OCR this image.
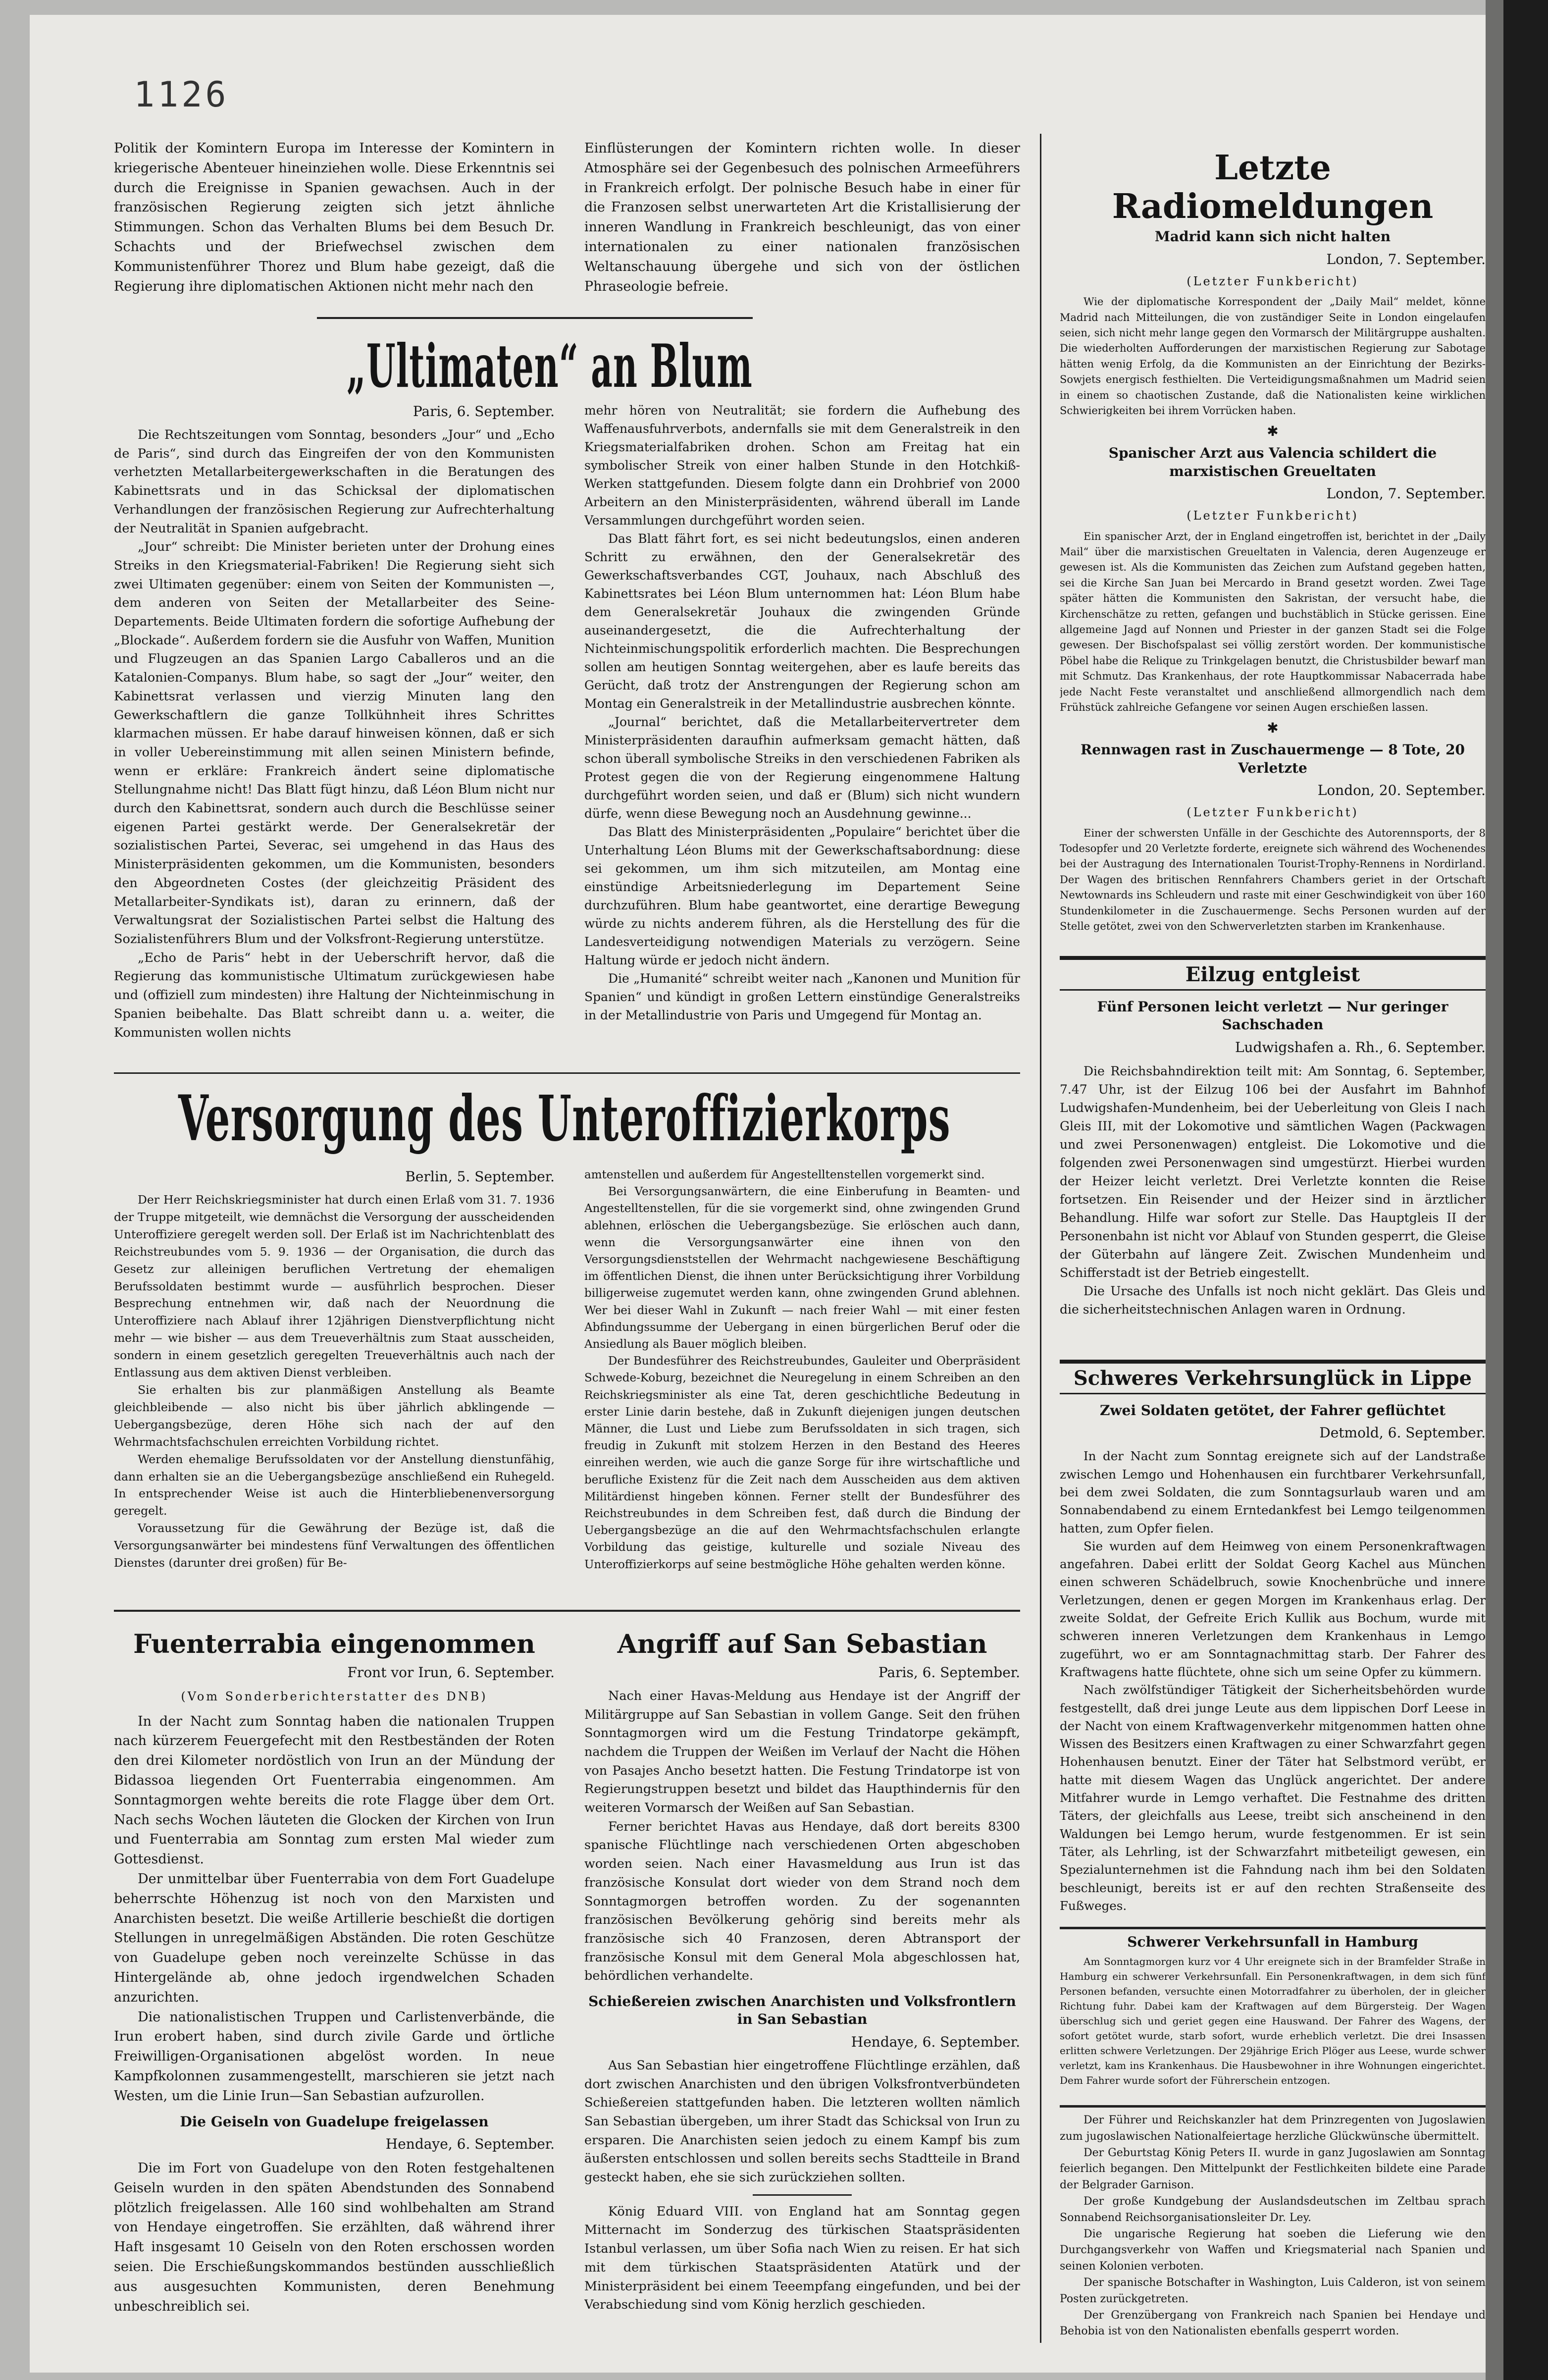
1126

Politik der Komintern Europa im Interesse der Komintern in kriegerische Abenteuer hineinziehen wolle. Diese Erkenntnis sei durch die Ereignisse in Spanien gewachsen. Auch in der französischen Regierung zeigten sich jetzt ähnliche Stimmungen. Schon das Verhalten Blums bei dem Besuch Dr. Schachts und der Briefwechsel zwischen dem Kommunistenführer Thorez und Blum habe gezeigt, daß die Regierung ihre diplomatischen Aktionen nicht mehr nach den

Einflüsterungen der Komintern richten wolle. In dieser Atmosphäre sei der Gegenbesuch des polnischen Armeeführers in Frankreich erfolgt. Der polnische Besuch habe in einer für die Franzosen selbst unerwarteten Art die Kristallisierung der inneren Wandlung in Frankreich beschleunigt, das von einer internationalen zu einer nationalen französischen Weltanschauung übergehe und sich von der östlichen Phraseologie befreie.

„Ultimaten“ an Blum
Paris, 6. September.

Die Rechtszeitungen vom Sonntag, besonders „Jour“ und „Echo de Paris“, sind durch das Eingreifen der von den Kommunisten verhetzten Metallarbeitergewerkschaften in die Beratungen des Kabinettsrats und in das Schicksal der diplomatischen Verhandlungen der französischen Regierung zur Aufrechterhaltung der Neutralität in Spanien aufgebracht.

„Jour“ schreibt: Die Minister berieten unter der Drohung eines Streiks in den Kriegsmaterial-Fabriken! Die Regierung sieht sich zwei Ultimaten gegenüber: einem von Seiten der Kommunisten —, dem anderen von Seiten der Metallarbeiter des Seine-Departements. Beide Ultimaten fordern die sofortige Aufhebung der „Blockade“. Außerdem fordern sie die Ausfuhr von Waffen, Munition und Flugzeugen an das Spanien Largo Caballeros und an die Katalonien-Companys. Blum habe, so sagt der „Jour“ weiter, den Kabinettsrat verlassen und vierzig Minuten lang den Gewerkschaftlern die ganze Tollkühnheit ihres Schrittes klarmachen müssen. Er habe darauf hinweisen können, daß er sich in voller Uebereinstimmung mit allen seinen Ministern befinde, wenn er erkläre: Frankreich ändert seine diplomatische Stellungnahme nicht! Das Blatt fügt hinzu, daß Léon Blum nicht nur durch den Kabinettsrat, sondern auch durch die Beschlüsse seiner eigenen Partei gestärkt werde. Der Generalsekretär der sozialistischen Partei, Severac, sei umgehend in das Haus des Ministerpräsidenten gekommen, um die Kommunisten, besonders den Abgeordneten Costes (der gleichzeitig Präsident des Metallarbeiter-Syndikats ist), daran zu erinnern, daß der Verwaltungsrat der Sozialistischen Partei selbst die Haltung des Sozialistenführers Blum und der Volksfront-Regierung unterstütze.

„Echo de Paris“ hebt in der Ueberschrift hervor, daß die Regierung das kommunistische Ultimatum zurückgewiesen habe und (offiziell zum mindesten) ihre Haltung der Nichteinmischung in Spanien beibehalte. Das Blatt schreibt dann u. a. weiter, die Kommunisten wollen nichts

mehr hören von Neutralität; sie fordern die Aufhebung des Waffenausfuhrverbots, andernfalls sie mit dem Generalstreik in den Kriegsmaterialfabriken drohen. Schon am Freitag hat ein symbolischer Streik von einer halben Stunde in den Hotchkiß-Werken stattgefunden. Diesem folgte dann ein Drohbrief von 2000 Arbeitern an den Ministerpräsidenten, während überall im Lande Versammlungen durchgeführt worden seien.

Das Blatt fährt fort, es sei nicht bedeutungslos, einen anderen Schritt zu erwähnen, den der Generalsekretär des Gewerkschaftsverbandes CGT, Jouhaux, nach Abschluß des Kabinettsrates bei Léon Blum unternommen hat: Léon Blum habe dem Generalsekretär Jouhaux die zwingenden Gründe auseinandergesetzt, die die Aufrechterhaltung der Nichteinmischungspolitik erforderlich machten. Die Besprechungen sollen am heutigen Sonntag weitergehen, aber es laufe bereits das Gerücht, daß trotz der Anstrengungen der Regierung schon am Montag ein Generalstreik in der Metallindustrie ausbrechen könnte.

„Journal“ berichtet, daß die Metallarbeitervertreter dem Ministerpräsidenten daraufhin aufmerksam gemacht hätten, daß schon überall symbolische Streiks in den verschiedenen Fabriken als Protest gegen die von der Regierung eingenommene Haltung durchgeführt worden seien, und daß er (Blum) sich nicht wundern dürfe, wenn diese Bewegung noch an Ausdehnung gewinne...

Das Blatt des Ministerpräsidenten „Populaire“ berichtet über die Unterhaltung Léon Blums mit der Gewerkschaftsabordnung: diese sei gekommen, um ihm sich mitzuteilen, am Montag eine einstündige Arbeitsniederlegung im Departement Seine durchzuführen. Blum habe geantwortet, eine derartige Bewegung würde zu nichts anderem führen, als die Herstellung des für die Landesverteidigung notwendigen Materials zu verzögern. Seine Haltung würde er jedoch nicht ändern.

Die „Humanité“ schreibt weiter nach „Kanonen und Munition für Spanien“ und kündigt in großen Lettern einstündige Generalstreiks in der Metallindustrie von Paris und Umgegend für Montag an.

Versorgung des Unteroffizierkorps
Berlin, 5. September.

Der Herr Reichskriegsminister hat durch einen Erlaß vom 31. 7. 1936 der Truppe mitgeteilt, wie demnächst die Versorgung der ausscheidenden Unteroffiziere geregelt werden soll. Der Erlaß ist im Nachrichtenblatt des Reichstreubundes vom 5. 9. 1936 — der Organisation, die durch das Gesetz zur alleinigen beruflichen Vertretung der ehemaligen Berufssoldaten bestimmt wurde — ausführlich besprochen. Dieser Besprechung entnehmen wir, daß nach der Neuordnung die Unteroffiziere nach Ablauf ihrer 12jährigen Dienstverpflichtung nicht mehr — wie bisher — aus dem Treueverhältnis zum Staat ausscheiden, sondern in einem gesetzlich geregelten Treueverhältnis auch nach der Entlassung aus dem aktiven Dienst verbleiben.

Sie erhalten bis zur planmäßigen Anstellung als Beamte gleichbleibende — also nicht bis über jährlich abklingende — Uebergangsbezüge, deren Höhe sich nach der auf den Wehrmachtsfachschulen erreichten Vorbildung richtet.

Werden ehemalige Berufssoldaten vor der Anstellung dienstunfähig, dann erhalten sie an die Uebergangsbezüge anschließend ein Ruhegeld. In entsprechender Weise ist auch die Hinterbliebenenversorgung geregelt.

Voraussetzung für die Gewährung der Bezüge ist, daß die Versorgungsanwärter bei mindestens fünf Verwaltungen des öffentlichen Dienstes (darunter drei großen) für Be-

amtenstellen und außerdem für Angestelltenstellen vorgemerkt sind.

Bei Versorgungsanwärtern, die eine Einberufung in Beamten- und Angestelltenstellen, für die sie vorgemerkt sind, ohne zwingenden Grund ablehnen, erlöschen die Uebergangsbezüge. Sie erlöschen auch dann, wenn die Versorgungsanwärter eine ihnen von den Versorgungsdienststellen der Wehrmacht nachgewiesene Beschäftigung im öffentlichen Dienst, die ihnen unter Berücksichtigung ihrer Vorbildung billigerweise zugemutet werden kann, ohne zwingenden Grund ablehnen. Wer bei dieser Wahl in Zukunft — nach freier Wahl — mit einer festen Abfindungssumme der Uebergang in einen bürgerlichen Beruf oder die Ansiedlung als Bauer möglich bleiben.

Der Bundesführer des Reichstreubundes, Gauleiter und Oberpräsident Schwede-Koburg, bezeichnet die Neuregelung in einem Schreiben an den Reichskriegsminister als eine Tat, deren geschichtliche Bedeutung in erster Linie darin bestehe, daß in Zukunft diejenigen jungen deutschen Männer, die Lust und Liebe zum Berufssoldaten in sich tragen, sich freudig in Zukunft mit stolzem Herzen in den Bestand des Heeres einreihen werden, wie auch die ganze Sorge für ihre wirtschaftliche und berufliche Existenz für die Zeit nach dem Ausscheiden aus dem aktiven Militärdienst hingeben können. Ferner stellt der Bundesführer des Reichstreubundes in dem Schreiben fest, daß durch die Bindung der Uebergangsbezüge an die auf den Wehrmachtsfachschulen erlangte Vorbildung das geistige, kulturelle und soziale Niveau des Unteroffizierkorps auf seine bestmögliche Höhe gehalten werden könne.

Fuenterrabia eingenommen
Front vor Irun, 6. September.
(Vom Sonderberichterstatter des DNB)

In der Nacht zum Sonntag haben die nationalen Truppen nach kürzerem Feuergefecht mit den Restbeständen der Roten den drei Kilometer nordöstlich von Irun an der Mündung der Bidassoa liegenden Ort Fuenterrabia eingenommen. Am Sonntagmorgen wehte bereits die rote Flagge über dem Ort. Nach sechs Wochen läuteten die Glocken der Kirchen von Irun und Fuenterrabia am Sonntag zum ersten Mal wieder zum Gottesdienst.

Der unmittelbar über Fuenterrabia von dem Fort Guadelupe beherrschte Höhenzug ist noch von den Marxisten und Anarchisten besetzt. Die weiße Artillerie beschießt die dortigen Stellungen in unregelmäßigen Abständen. Die roten Geschütze von Guadelupe geben noch vereinzelte Schüsse in das Hintergelände ab, ohne jedoch irgendwelchen Schaden anzurichten.

Die nationalistischen Truppen und Carlistenverbände, die Irun erobert haben, sind durch zivile Garde und örtliche Freiwilligen-Organisationen abgelöst worden. In neue Kampfkolonnen zusammengestellt, marschieren sie jetzt nach Westen, um die Linie Irun—San Sebastian aufzurollen.

Die Geiseln von Guadelupe freigelassen
Hendaye, 6. September.

Die im Fort von Guadelupe von den Roten festgehaltenen Geiseln wurden in den späten Abendstunden des Sonnabend plötzlich freigelassen. Alle 160 sind wohlbehalten am Strand von Hendaye eingetroffen. Sie erzählten, daß während ihrer Haft insgesamt 10 Geiseln von den Roten erschossen worden seien. Die Erschießungskommandos bestünden ausschließlich aus ausgesuchten Kommunisten, deren Benehmung unbeschreiblich sei.

Angriff auf San Sebastian
Paris, 6. September.

Nach einer Havas-Meldung aus Hendaye ist der Angriff der Militärgruppe auf San Sebastian in vollem Gange. Seit den frühen Sonntagmorgen wird um die Festung Trindatorpe gekämpft, nachdem die Truppen der Weißen im Verlauf der Nacht die Höhen von Pasajes Ancho besetzt hatten. Die Festung Trindatorpe ist von Regierungstruppen besetzt und bildet das Haupthindernis für den weiteren Vormarsch der Weißen auf San Sebastian.

Ferner berichtet Havas aus Hendaye, daß dort bereits 8300 spanische Flüchtlinge nach verschiedenen Orten abgeschoben worden seien. Nach einer Havasmeldung aus Irun ist das französische Konsulat dort wieder von dem Strand noch dem Sonntagmorgen betroffen worden. Zu der sogenannten französischen Bevölkerung gehörig sind bereits mehr als französische sich 40 Franzosen, deren Abtransport der französische Konsul mit dem General Mola abgeschlossen hat, behördlichen verhandelte.

Schießereien zwischen Anarchisten und Volksfrontlern in San Sebastian
Hendaye, 6. September.

Aus San Sebastian hier eingetroffene Flüchtlinge erzählen, daß dort zwischen Anarchisten und den übrigen Volksfrontverbündeten Schießereien stattgefunden haben. Die letzteren wollten nämlich San Sebastian übergeben, um ihrer Stadt das Schicksal von Irun zu ersparen. Die Anarchisten seien jedoch zu einem Kampf bis zum äußersten entschlossen und sollen bereits sechs Stadtteile in Brand gesteckt haben, ehe sie sich zurückziehen sollten.

König Eduard VIII. von England hat am Sonntag gegen Mitternacht im Sonderzug des türkischen Staatspräsidenten Istanbul verlassen, um über Sofia nach Wien zu reisen. Er hat sich mit dem türkischen Staatspräsidenten Atatürk und der Ministerpräsident bei einem Teeempfang eingefunden, und bei der Verabschiedung sind vom König herzlich geschieden.

Letzte Radiomeldungen
Madrid kann sich nicht halten
London, 7. September.
(Letzter Funkbericht)

Wie der diplomatische Korrespondent der „Daily Mail“ meldet, könne Madrid nach Mitteilungen, die von zuständiger Seite in London eingelaufen seien, sich nicht mehr lange gegen den Vormarsch der Militärgruppe aushalten. Die wiederholten Aufforderungen der marxistischen Regierung zur Sabotage hätten wenig Erfolg, da die Kommunisten an der Einrichtung der Bezirks-Sowjets energisch festhielten. Die Verteidigungsmaßnahmen um Madrid seien in einem so chaotischen Zustande, daß die Nationalisten keine wirklichen Schwierigkeiten bei ihrem Vorrücken haben.

✱
Spanischer Arzt aus Valencia schildert die marxistischen Greueltaten
London, 7. September.
(Letzter Funkbericht)

Ein spanischer Arzt, der in England eingetroffen ist, berichtet in der „Daily Mail“ über die marxistischen Greueltaten in Valencia, deren Augenzeuge er gewesen ist. Als die Kommunisten das Zeichen zum Aufstand gegeben hatten, sei die Kirche San Juan bei Mercardo in Brand gesetzt worden. Zwei Tage später hätten die Kommunisten den Sakristan, der versucht habe, die Kirchenschätze zu retten, gefangen und buchstäblich in Stücke gerissen. Eine allgemeine Jagd auf Nonnen und Priester in der ganzen Stadt sei die Folge gewesen. Der Bischofspalast sei völlig zerstört worden. Der kommunistische Pöbel habe die Relique zu Trinkgelagen benutzt, die Christusbilder bewarf man mit Schmutz. Das Krankenhaus, der rote Hauptkommissar Nabacerrada habe jede Nacht Feste veranstaltet und anschließend allmorgendlich nach dem Frühstück zahlreiche Gefangene vor seinen Augen erschießen lassen.

✱
Rennwagen rast in Zuschauermenge — 8 Tote, 20 Verletzte
London, 20. September.
(Letzter Funkbericht)

Einer der schwersten Unfälle in der Geschichte des Autorennsports, der 8 Todesopfer und 20 Verletzte forderte, ereignete sich während des Wochenendes bei der Austragung des Internationalen Tourist-Trophy-Rennens in Nordirland. Der Wagen des britischen Rennfahrers Chambers geriet in der Ortschaft Newtownards ins Schleudern und raste mit einer Geschwindigkeit von über 160 Stundenkilometer in die Zuschauermenge. Sechs Personen wurden auf der Stelle getötet, zwei von den Schwerverletzten starben im Krankenhause.

Eilzug entgleist
Fünf Personen leicht verletzt — Nur geringer Sachschaden
Ludwigshafen a. Rh., 6. September.

Die Reichsbahndirektion teilt mit: Am Sonntag, 6. September, 7.47 Uhr, ist der Eilzug 106 bei der Ausfahrt im Bahnhof Ludwigshafen-Mundenheim, bei der Ueberleitung von Gleis I nach Gleis III, mit der Lokomotive und sämtlichen Wagen (Packwagen und zwei Personenwagen) entgleist. Die Lokomotive und die folgenden zwei Personenwagen sind umgestürzt. Hierbei wurden der Heizer leicht verletzt. Drei Verletzte konnten die Reise fortsetzen. Ein Reisender und der Heizer sind in ärztlicher Behandlung. Hilfe war sofort zur Stelle. Das Hauptgleis II der Personenbahn ist nicht vor Ablauf von Stunden gesperrt, die Gleise der Güterbahn auf längere Zeit. Zwischen Mundenheim und Schifferstadt ist der Betrieb eingestellt.

Die Ursache des Unfalls ist noch nicht geklärt. Das Gleis und die sicherheitstechnischen Anlagen waren in Ordnung.

Schweres Verkehrsunglück in Lippe
Zwei Soldaten getötet, der Fahrer geflüchtet
Detmold, 6. September.

In der Nacht zum Sonntag ereignete sich auf der Landstraße zwischen Lemgo und Hohenhausen ein furchtbarer Verkehrsunfall, bei dem zwei Soldaten, die zum Sonntagsurlaub waren und am Sonnabendabend zu einem Erntedankfest bei Lemgo teilgenommen hatten, zum Opfer fielen.

Sie wurden auf dem Heimweg von einem Personenkraftwagen angefahren. Dabei erlitt der Soldat Georg Kachel aus München einen schweren Schädelbruch, sowie Knochenbrüche und innere Verletzungen, denen er gegen Morgen im Krankenhaus erlag. Der zweite Soldat, der Gefreite Erich Kullik aus Bochum, wurde mit schweren inneren Verletzungen dem Krankenhaus in Lemgo zugeführt, wo er am Sonntagnachmittag starb. Der Fahrer des Kraftwagens hatte flüchtete, ohne sich um seine Opfer zu kümmern.

Nach zwölfstündiger Tätigkeit der Sicherheitsbehörden wurde festgestellt, daß drei junge Leute aus dem lippischen Dorf Leese in der Nacht von einem Kraftwagenverkehr mitgenommen hatten ohne Wissen des Besitzers einen Kraftwagen zu einer Schwarzfahrt gegen Hohenhausen benutzt. Einer der Täter hat Selbstmord verübt, er hatte mit diesem Wagen das Unglück angerichtet. Der andere Mitfahrer wurde in Lemgo verhaftet. Die Festnahme des dritten Täters, der gleichfalls aus Leese, treibt sich anscheinend in den Waldungen bei Lemgo herum, wurde festgenommen. Er ist sein Täter, als Lehrling, ist der Schwarzfahrt mitbeteiligt gewesen, ein Spezialunternehmen ist die Fahndung nach ihm bei den Soldaten beschleunigt, bereits ist er auf den rechten Straßenseite des Fußweges.

Schwerer Verkehrsunfall in Hamburg

Am Sonntagmorgen kurz vor 4 Uhr ereignete sich in der Bramfelder Straße in Hamburg ein schwerer Verkehrsunfall. Ein Personenkraftwagen, in dem sich fünf Personen befanden, versuchte einen Motorradfahrer zu überholen, der in gleicher Richtung fuhr. Dabei kam der Kraftwagen auf dem Bürgersteig. Der Wagen überschlug sich und geriet gegen eine Hauswand. Der Fahrer des Wagens, der sofort getötet wurde, starb sofort, wurde erheblich verletzt. Die drei Insassen erlitten schwere Verletzungen. Der 29jährige Erich Plöger aus Leese, wurde schwer verletzt, kam ins Krankenhaus. Die Hausbewohner in ihre Wohnungen eingerichtet. Dem Fahrer wurde sofort der Führerschein entzogen.

Der Führer und Reichskanzler hat dem Prinzregenten von Jugoslawien zum jugoslawischen Nationalfeiertage herzliche Glückwünsche übermittelt.

Der Geburtstag König Peters II. wurde in ganz Jugoslawien am Sonntag feierlich begangen. Den Mittelpunkt der Festlichkeiten bildete eine Parade der Belgrader Garnison.

Der große Kundgebung der Auslandsdeutschen im Zeltbau sprach Sonnabend Reichsorganisationsleiter Dr. Ley.

Die ungarische Regierung hat soeben die Lieferung wie den Durchgangsverkehr von Waffen und Kriegsmaterial nach Spanien und seinen Kolonien verboten.

Der spanische Botschafter in Washington, Luis Calderon, ist von seinem Posten zurückgetreten.

Der Grenzübergang von Frankreich nach Spanien bei Hendaye und Behobia ist von den Nationalisten ebenfalls gesperrt worden.
